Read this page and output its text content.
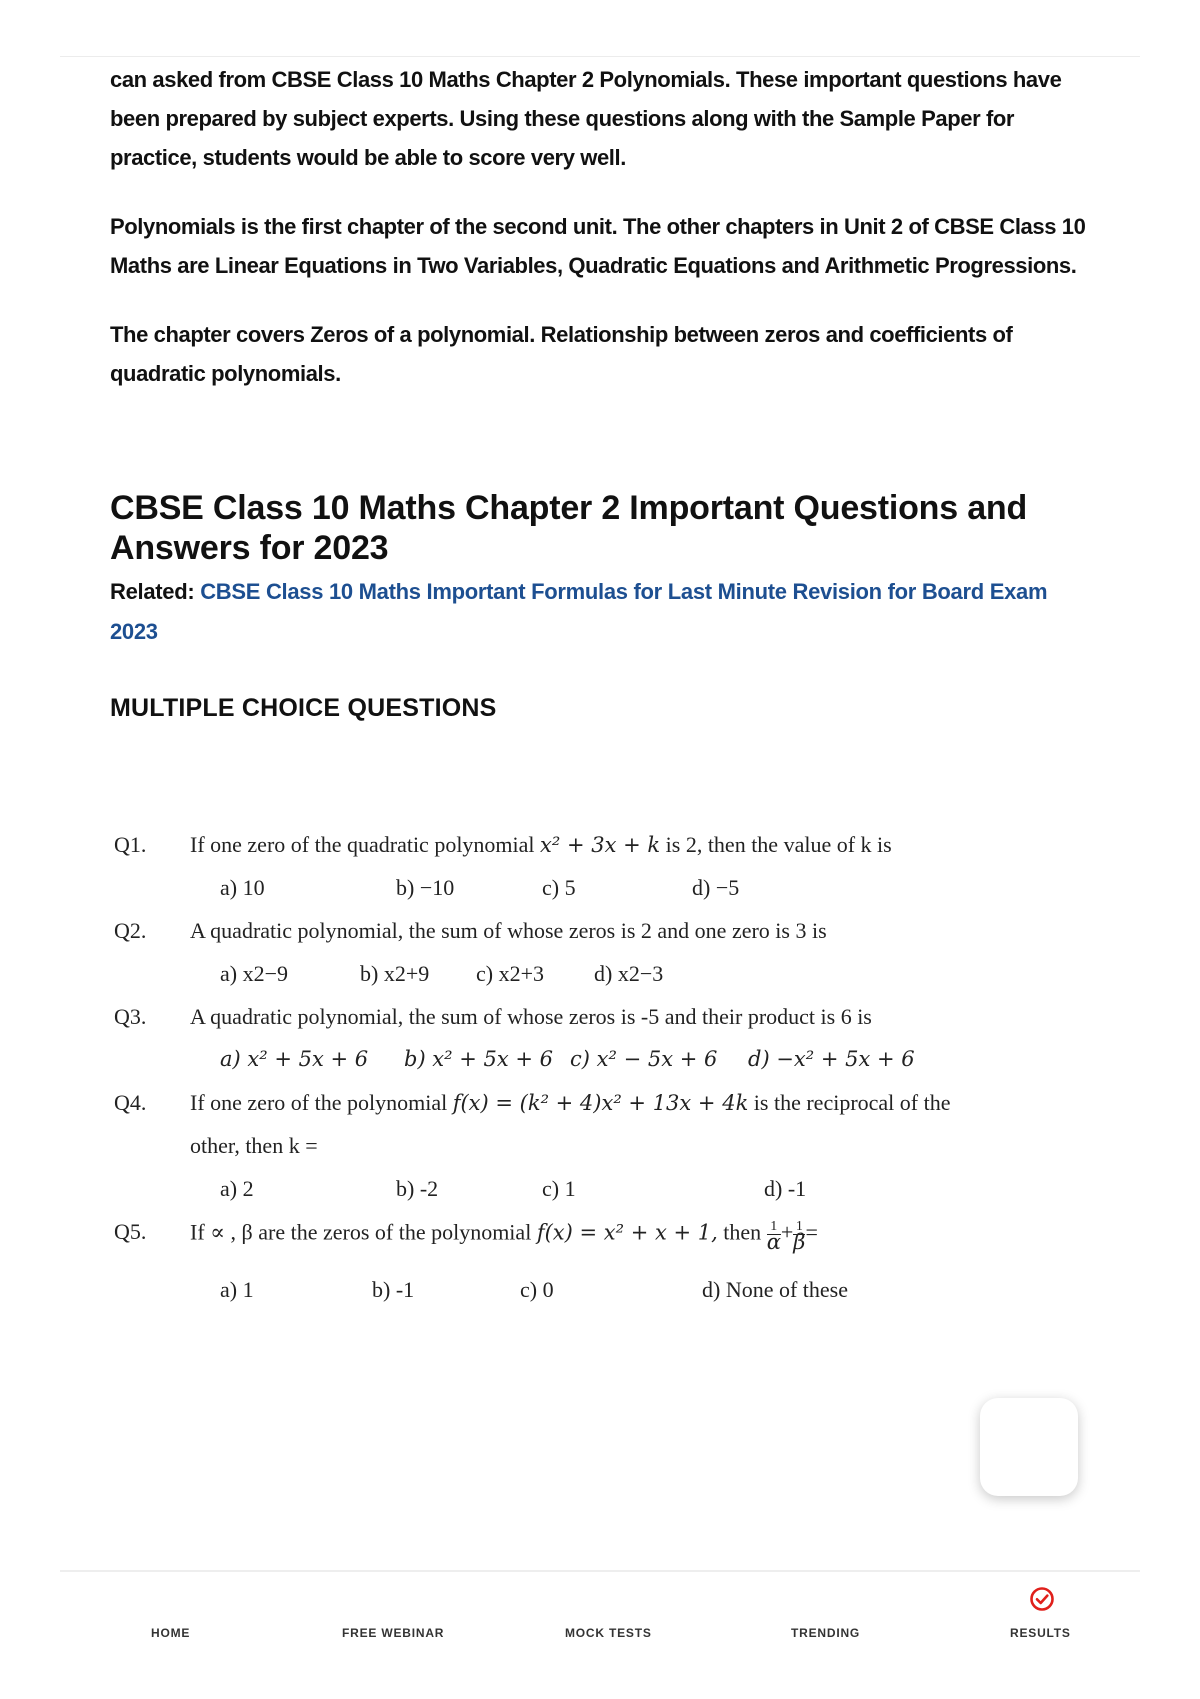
can asked from CBSE Class 10 Maths Chapter 2 Polynomials. These important questions have been prepared by subject experts. Using these questions along with the Sample Paper for practice, students would be able to score very well.

Polynomials is the first chapter of the second unit. The other chapters in Unit 2 of CBSE Class 10 Maths are Linear Equations in Two Variables, Quadratic Equations and Arithmetic Progressions.

The chapter covers Zeros of a polynomial. Relationship between zeros and coefficients of quadratic polynomials.

CBSE Class 10 Maths Chapter 2 Important Questions and Answers for 2023
Related: CBSE Class 10 Maths Important Formulas for Last Minute Revision for Board Exam 2023
MULTIPLE CHOICE QUESTIONS
Q1. If one zero of the quadratic polynomial x² + 3x + k is 2, then the value of k is
a) 10	b) −10	c) 5	d) −5
Q2. A quadratic polynomial, the sum of whose zeros is 2 and one zero is 3 is
a) x2−9	b) x2+9 c) x2+3 d) x2−3
Q3. A quadratic polynomial, the sum of whose zeros is -5 and their product is 6 is
a) x² + 5x + 6 b) x² + 5x + 6 c) x² − 5x + 6 d) −x² + 5x + 6
Q4. If one zero of the polynomial f(x) = (k² + 4)x² + 13x + 4k is the reciprocal of the
other, then k =
a) 2	b) -2	c) 1	d) -1
Q5. If ∝ , β are the zeros of the polynomial f(x) = x² + x + 1, then $\frac{1}{\alpha} + \frac{1}{\beta}$ =
a) 1	b) -1	c) 0	d) None of these
HOME	FREE WEBINAR	MOCK TESTS	TRENDING	RESULTS
